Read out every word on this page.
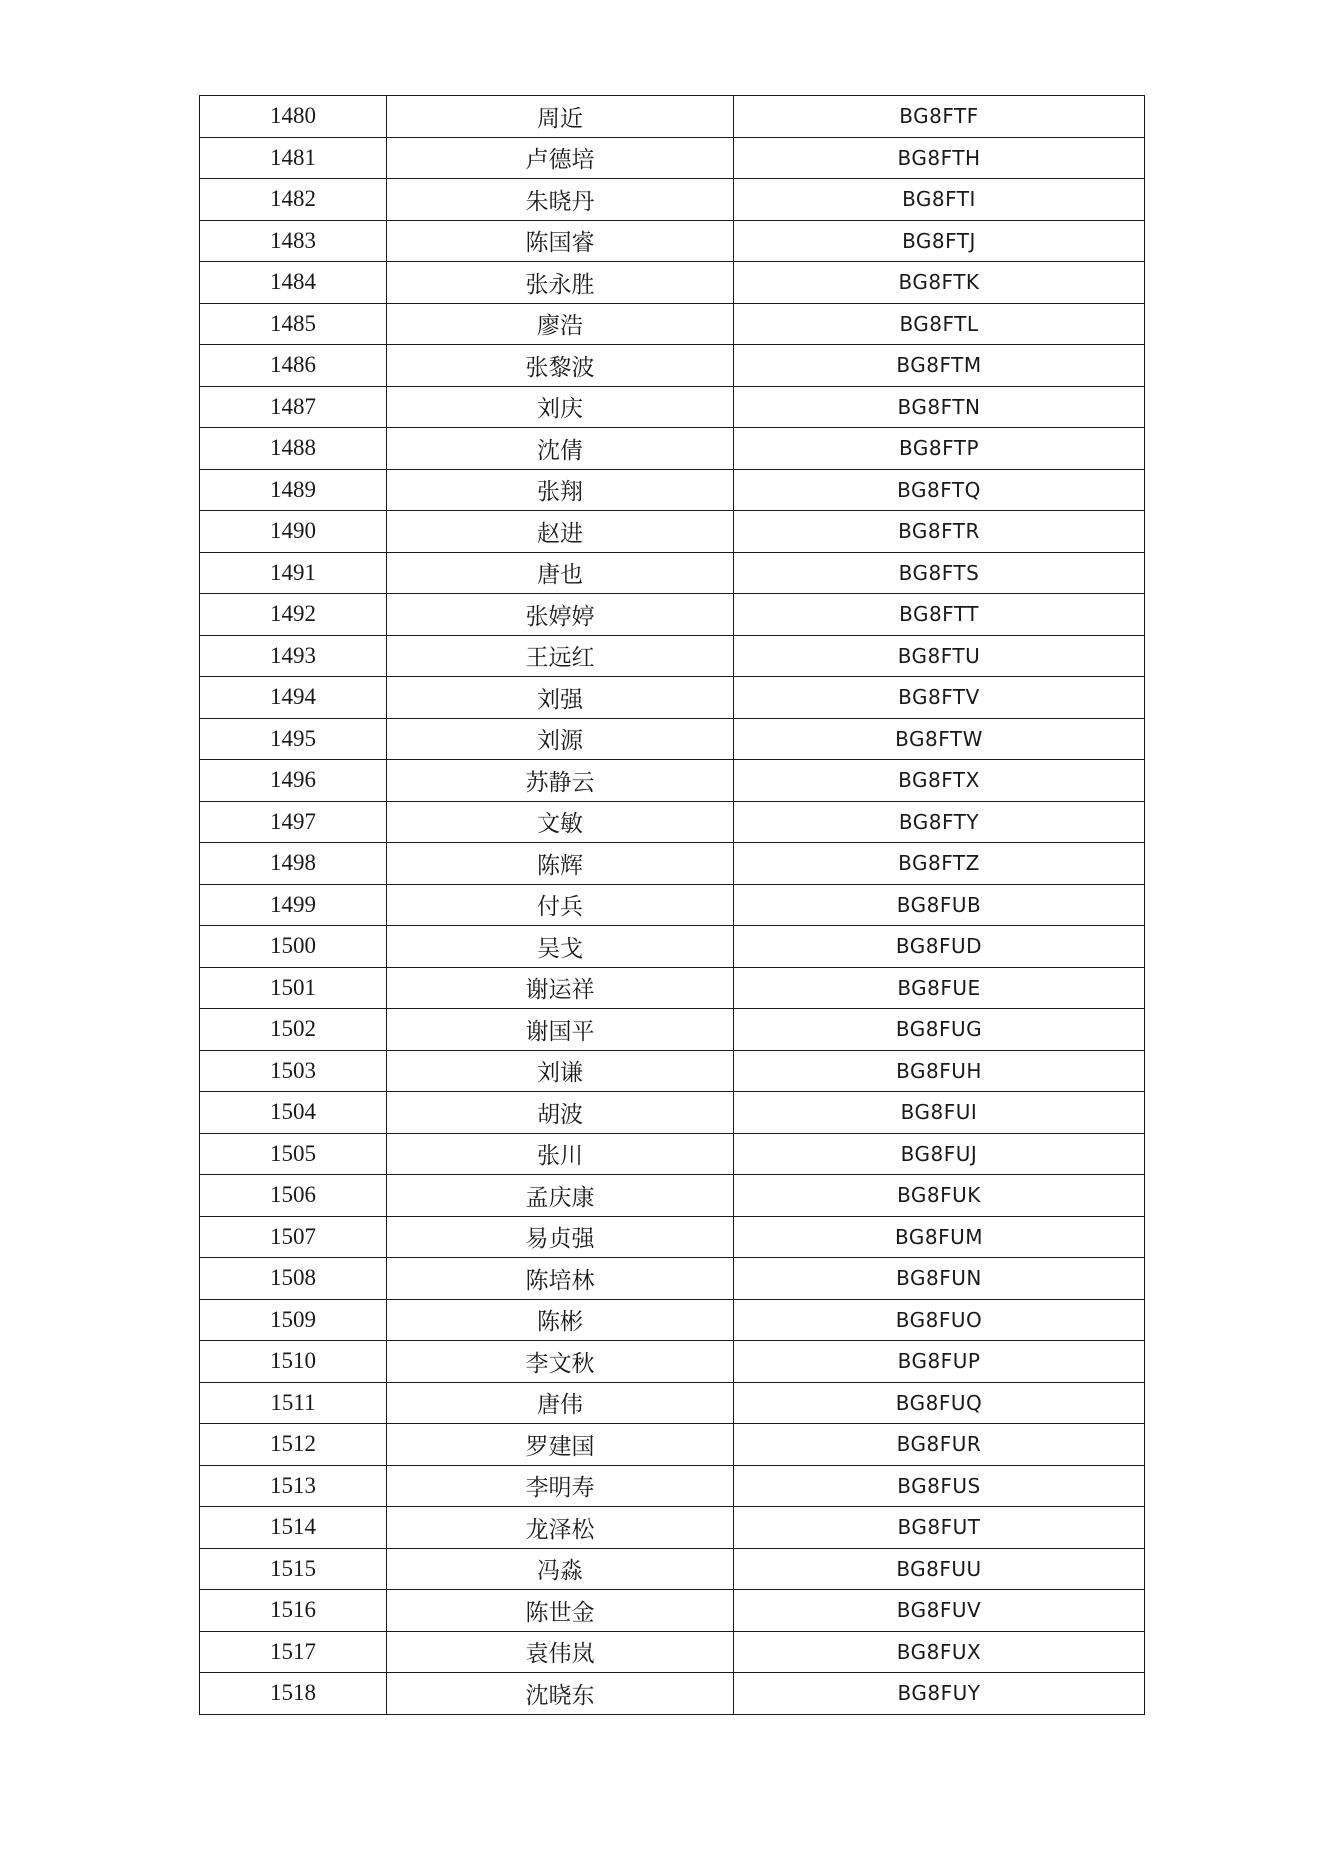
1480	周近	BG8FTF
1481	卢德培	BG8FTH
1482	朱晓丹	BG8FTI
1483	陈国睿	BG8FTJ
1484	张永胜	BG8FTK
1485	廖浩	BG8FTL
1486	张黎波	BG8FTM
1487	刘庆	BG8FTN
1488	沈倩	BG8FTP
1489	张翔	BG8FTQ
1490	赵进	BG8FTR
1491	唐也	BG8FTS
1492	张婷婷	BG8FTT
1493	王远红	BG8FTU
1494	刘强	BG8FTV
1495	刘源	BG8FTW
1496	苏静云	BG8FTX
1497	文敏	BG8FTY
1498	陈辉	BG8FTZ
1499	付兵	BG8FUB
1500	吴戈	BG8FUD
1501	谢运祥	BG8FUE
1502	谢国平	BG8FUG
1503	刘谦	BG8FUH
1504	胡波	BG8FUI
1505	张川	BG8FUJ
1506	孟庆康	BG8FUK
1507	易贞强	BG8FUM
1508	陈培林	BG8FUN
1509	陈彬	BG8FUO
1510	李文秋	BG8FUP
1511	唐伟	BG8FUQ
1512	罗建国	BG8FUR
1513	李明寿	BG8FUS
1514	龙泽松	BG8FUT
1515	冯淼	BG8FUU
1516	陈世金	BG8FUV
1517	袁伟岚	BG8FUX
1518	沈晓东	BG8FUY
